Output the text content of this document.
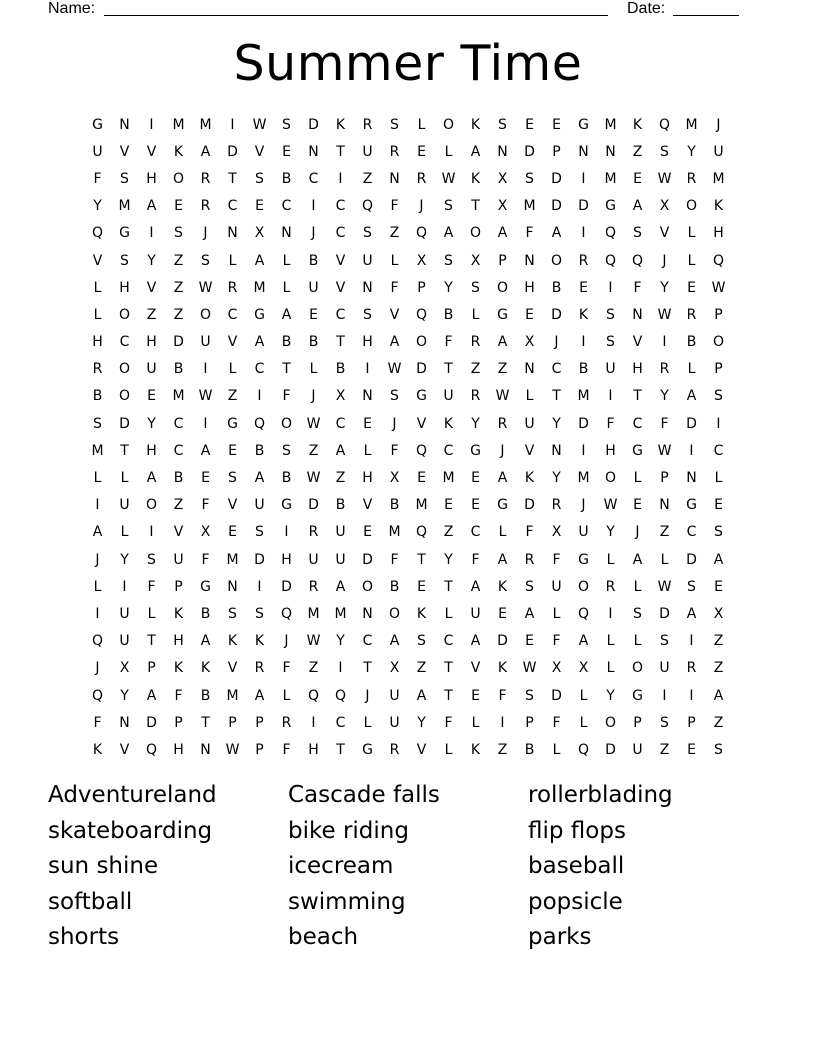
Name:	Date:
Summer Time
G	N	I	M	M	I	W	S	D	K	R	S	L	O	K	S	E	E	G	M	K	Q	M	J
U	V	V	K	A	D	V	E	N	T	U	R	E	L	A	N	D	P	N	N	Z	S	Y	U
F	S	H	O	R	T	S	B	C	I	Z	N	R	W	K	X	S	D	I	M	E	W	R	M
Y	M	A	E	R	C	E	C	I	C	Q	F	J	S	T	X	M	D	D	G	A	X	O	K
Q	G	I	S	J	N	X	N	J	C	S	Z	Q	A	O	A	F	A	I	Q	S	V	L	H
V	S	Y	Z	S	L	A	L	B	V	U	L	X	S	X	P	N	O	R	Q	Q	J	L	Q
L	H	V	Z	W	R	M	L	U	V	N	F	P	Y	S	O	H	B	E	I	F	Y	E	W
L	O	Z	Z	O	C	G	A	E	C	S	V	Q	B	L	G	E	D	K	S	N	W	R	P
H	C	H	D	U	V	A	B	B	T	H	A	O	F	R	A	X	J	I	S	V	I	B	O
R	O	U	B	I	L	C	T	L	B	I	W	D	T	Z	Z	N	C	B	U	H	R	L	P
B	O	E	M	W	Z	I	F	J	X	N	S	G	U	R	W	L	T	M	I	T	Y	A	S
S	D	Y	C	I	G	Q	O	W	C	E	J	V	K	Y	R	U	Y	D	F	C	F	D	I
M	T	H	C	A	E	B	S	Z	A	L	F	Q	C	G	J	V	N	I	H	G	W	I	C
L	L	A	B	E	S	A	B	W	Z	H	X	E	M	E	A	K	Y	M	O	L	P	N	L
I	U	O	Z	F	V	U	G	D	B	V	B	M	E	E	G	D	R	J	W	E	N	G	E
A	L	I	V	X	E	S	I	R	U	E	M	Q	Z	C	L	F	X	U	Y	J	Z	C	S
J	Y	S	U	F	M	D	H	U	U	D	F	T	Y	F	A	R	F	G	L	A	L	D	A
L	I	F	P	G	N	I	D	R	A	O	B	E	T	A	K	S	U	O	R	L	W	S	E
I	U	L	K	B	S	S	Q	M	M	N	O	K	L	U	E	A	L	Q	I	S	D	A	X
Q	U	T	H	A	K	K	J	W	Y	C	A	S	C	A	D	E	F	A	L	L	S	I	Z
J	X	P	K	K	V	R	F	Z	I	T	X	Z	T	V	K	W	X	X	L	O	U	R	Z
Q	Y	A	F	B	M	A	L	Q	Q	J	U	A	T	E	F	S	D	L	Y	G	I	I	A
F	N	D	P	T	P	P	R	I	C	L	U	Y	F	L	I	P	F	L	O	P	S	P	Z
K	V	Q	H	N	W	P	F	H	T	G	R	V	L	K	Z	B	L	Q	D	U	Z	E	S
Adventureland	Cascade falls	rollerblading
skateboarding	bike riding	flip flops
sun shine	icecream	baseball
softball	swimming	popsicle
shorts	beach	parks
